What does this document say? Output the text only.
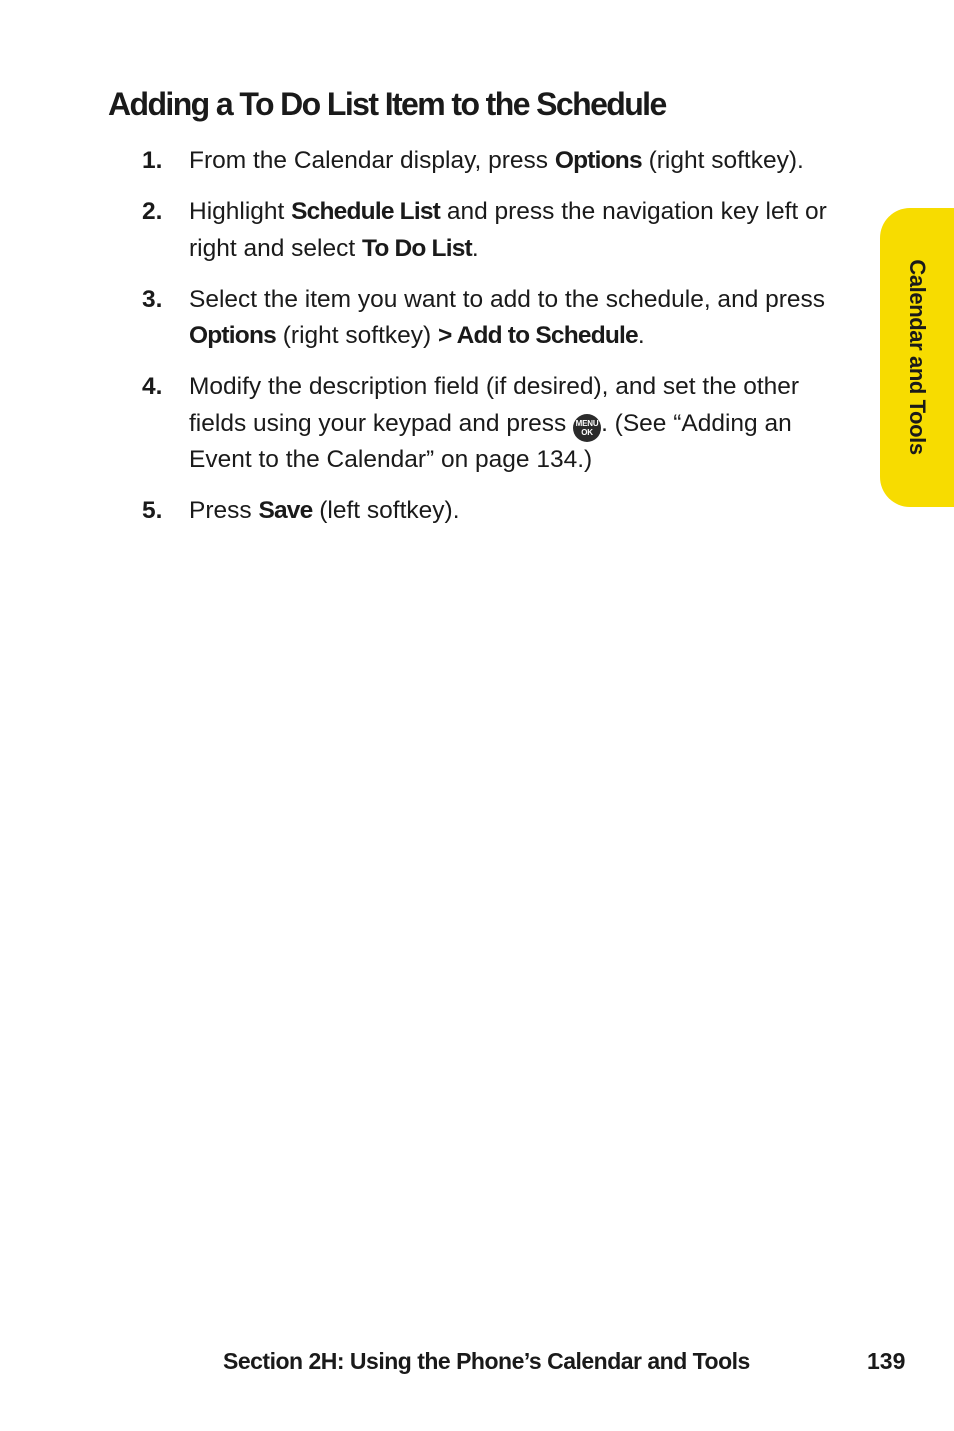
Adding a To Do List Item to the Schedule
1.	From the Calendar display, press Options (right softkey).
2.	Highlight Schedule List and press the navigation key left or right and select To Do List.
3.	Select the item you want to add to the schedule, and press Options (right softkey) > Add to Schedule.
4.	Modify the description field (if desired), and set the other fields using your keypad and press MENU
OK . (See “Adding an Event to the Calendar” on page 134.)
5.	Press Save (left softkey).
Calendar and Tools
Section 2H: Using the Phone’s Calendar and Tools	139
